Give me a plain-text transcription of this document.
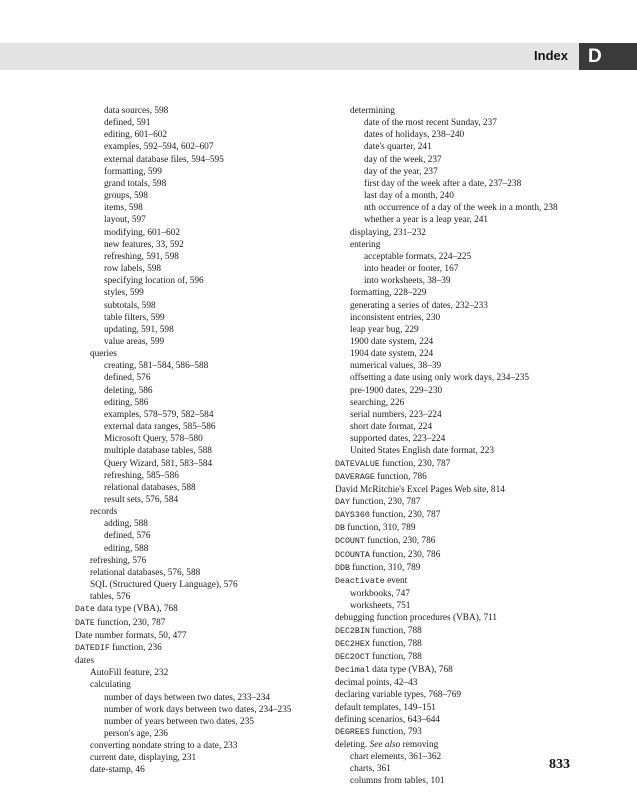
Index	D
data sources, 598
defined, 591
editing, 601–602
examples, 592–594, 602–607
external database files, 594–595
formatting, 599
grand totals, 598
groups, 598
items, 598
layout, 597
modifying, 601–602
new features, 33, 592
refreshing, 591, 598
row labels, 598
specifying location of, 596
styles, 599
subtotals, 598
table filters, 599
updating, 591, 598
value areas, 599
queries
creating, 581–584, 586–588
defined, 576
deleting, 586
editing, 586
examples, 578–579, 582–584
external data ranges, 585–586
Microsoft Query, 578–580
multiple database tables, 588
Query Wizard, 581, 583–584
refreshing, 585–586
relational databases, 588
result sets, 576, 584
records
adding, 588
defined, 576
editing, 588
refreshing, 576
relational databases, 576, 588
SQL (Structured Query Language), 576
tables, 576
Date data type (VBA), 768
DATE function, 230, 787
Date number formats, 50, 477
DATEDIF function, 236
dates
AutoFill feature, 232
calculating
number of days between two dates, 233–234
number of work days between two dates, 234–235
number of years between two dates, 235
person's age, 236
converting nondate string to a date, 233
current date, displaying, 231
date-stamp, 46
determining
date of the most recent Sunday, 237
dates of holidays, 238–240
date's quarter, 241
day of the week, 237
day of the year, 237
first day of the week after a date, 237–238
last day of a month, 240
nth occurrence of a day of the week in a month, 238
whether a year is a leap year, 241
displaying, 231–232
entering
acceptable formats, 224–225
into header or footer, 167
into worksheets, 38–39
formatting, 228–229
generating a series of dates, 232–233
inconsistent entries, 230
leap year bug, 229
1900 date system, 224
1904 date system, 224
numerical values, 38–39
offsetting a date using only work days, 234–235
pre-1900 dates, 229–230
searching, 226
serial numbers, 223–224
short date format, 224
supported dates, 223–224
United States English date format, 223
DATEVALUE function, 230, 787
DAVERAGE function, 786
David McRitchie's Excel Pages Web site, 814
DAY function, 230, 787
DAYS360 function, 230, 787
DB function, 310, 789
DCOUNT function, 230, 786
DCOUNTA function, 230, 786
DDB function, 310, 789
Deactivate event
workbooks, 747
worksheets, 751
debugging function procedures (VBA), 711
DEC2BIN function, 788
DEC2HEX function, 788
DEC2OCT function, 788
Decimal data type (VBA), 768
decimal points, 42–43
declaring variable types, 768–769
default templates, 149–151
defining scenarios, 643–644
DEGREES function, 793
deleting. See also removing
chart elements, 361–362
charts, 361
columns from tables, 101
833
